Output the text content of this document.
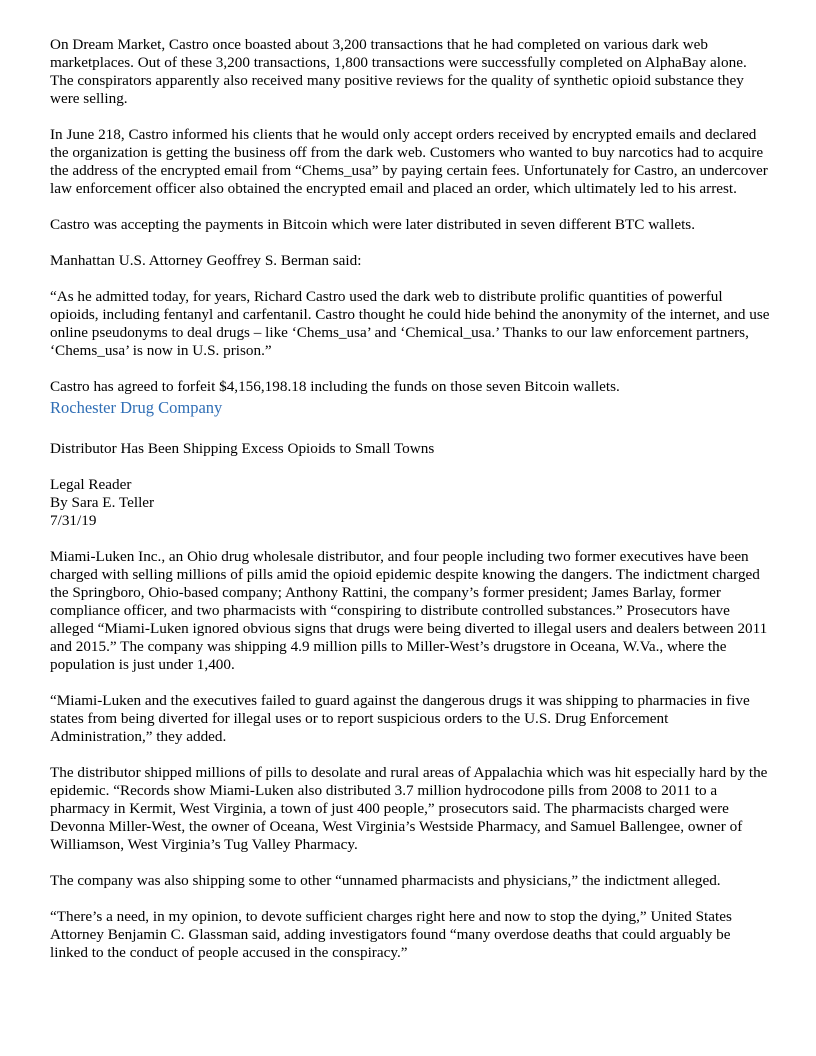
On Dream Market, Castro once boasted about 3,200 transactions that he had completed on various dark web marketplaces. Out of these 3,200 transactions, 1,800 transactions were successfully completed on AlphaBay alone. The conspirators apparently also received many positive reviews for the quality of synthetic opioid substance they were selling.

In June 218, Castro informed his clients that he would only accept orders received by encrypted emails and declared the organization is getting the business off from the dark web. Customers who wanted to buy narcotics had to acquire the address of the encrypted email from “Chems_usa” by paying certain fees. Unfortunately for Castro, an undercover law enforcement officer also obtained the encrypted email and placed an order, which ultimately led to his arrest.

Castro was accepting the payments in Bitcoin which were later distributed in seven different BTC wallets.

Manhattan U.S. Attorney Geoffrey S. Berman said:

“As he admitted today, for years, Richard Castro used the dark web to distribute prolific quantities of powerful opioids, including fentanyl and carfentanil. Castro thought he could hide behind the anonymity of the internet, and use online pseudonyms to deal drugs – like ‘Chems_usa’ and ‘Chemical_usa.’ Thanks to our law enforcement partners, ‘Chems_usa’ is now in U.S. prison.”

Castro has agreed to forfeit $4,156,198.18 including the funds on those seven Bitcoin wallets.

Rochester Drug Company

Distributor Has Been Shipping Excess Opioids to Small Towns

Legal Reader
By Sara E. Teller
7/31/19

Miami-Luken Inc., an Ohio drug wholesale distributor, and four people including two former executives have been charged with selling millions of pills amid the opioid epidemic despite knowing the dangers. The indictment charged the Springboro, Ohio-based company; Anthony Rattini, the company’s former president; James Barlay, former compliance officer, and two pharmacists with “conspiring to distribute controlled substances.” Prosecutors have alleged “Miami-Luken ignored obvious signs that drugs were being diverted to illegal users and dealers between 2011 and 2015.” The company was shipping 4.9 million pills to Miller-West’s drugstore in Oceana, W.Va., where the population is just under 1,400.

“Miami-Luken and the executives failed to guard against the dangerous drugs it was shipping to pharmacies in five states from being diverted for illegal uses or to report suspicious orders to the U.S. Drug Enforcement Administration,” they added.

The distributor shipped millions of pills to desolate and rural areas of Appalachia which was hit especially hard by the epidemic. “Records show Miami-Luken also distributed 3.7 million hydrocodone pills from 2008 to 2011 to a pharmacy in Kermit, West Virginia, a town of just 400 people,” prosecutors said. The pharmacists charged were Devonna Miller-West, the owner of Oceana, West Virginia’s Westside Pharmacy, and Samuel Ballengee, owner of Williamson, West Virginia’s Tug Valley Pharmacy.

The company was also shipping some to other “unnamed pharmacists and physicians,” the indictment alleged.

“There’s a need, in my opinion, to devote sufficient charges right here and now to stop the dying,” United States Attorney Benjamin C. Glassman said, adding investigators found “many overdose deaths that could arguably be linked to the conduct of people accused in the conspiracy.”
